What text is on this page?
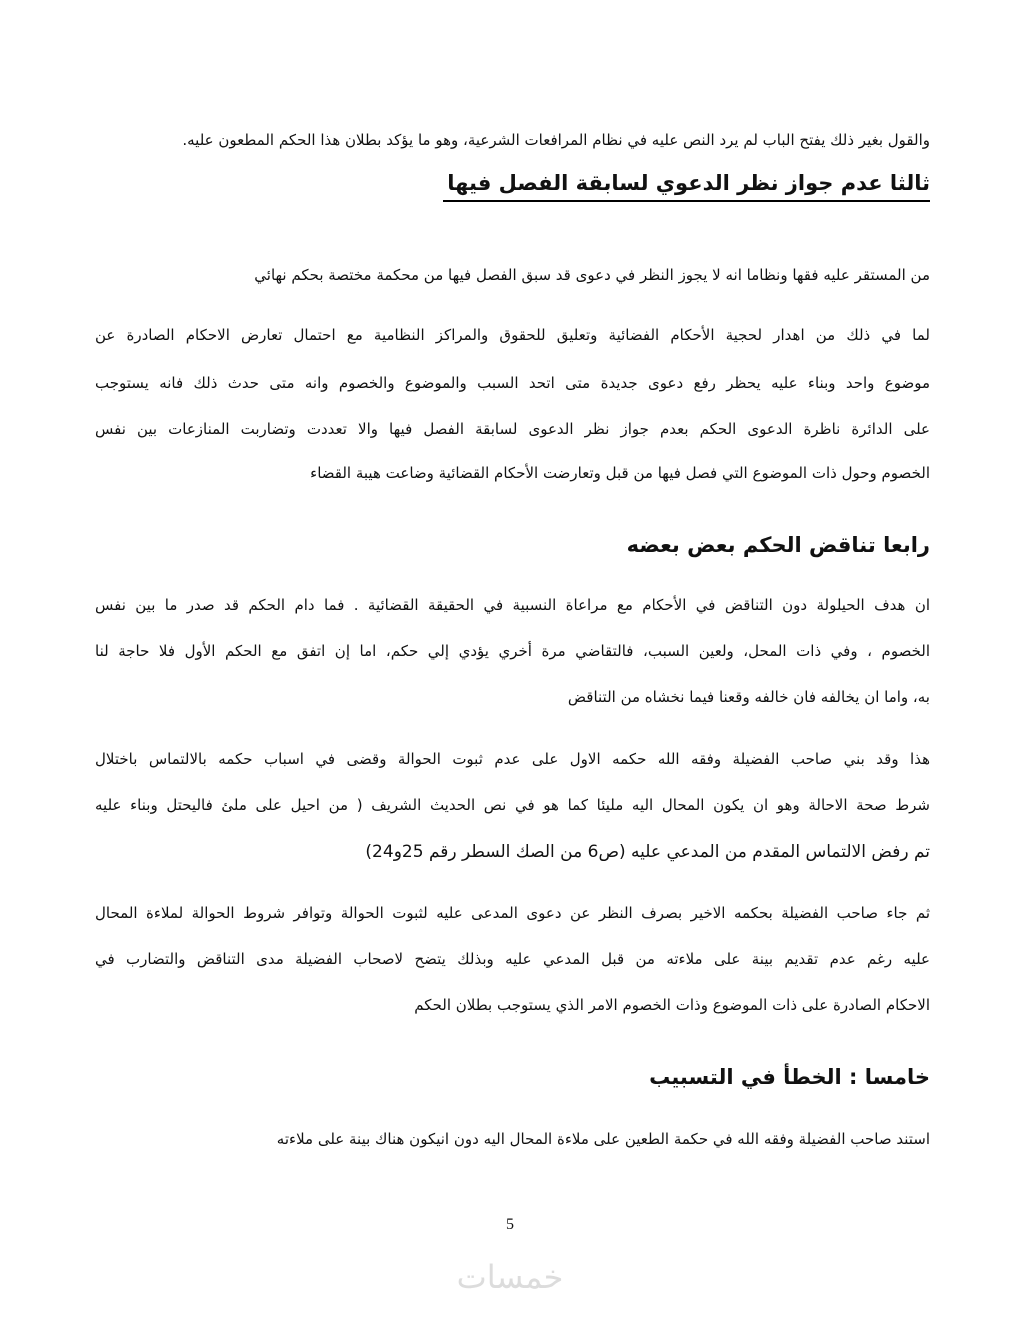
والقول بغير ذلك يفتح الباب لم يرد النص عليه في نظام المرافعات الشرعية، وهو ما يؤكد بطلان هذا الحكم المطعون عليه.
ثالثا عدم جواز نظر الدعوي لسابقة الفصل فيها
من المستقر عليه فقها ونظاما انه لا يجوز النظر في دعوى قد سبق الفصل فيها من محكمة مختصة بحكم نهائي
لما في ذلك من اهدار لحجية الأحكام الفضائية وتعليق للحقوق والمراكز النظامية مع احتمال تعارض الاحكام الصادرة عن
موضوع واحد وبناء عليه يحظر رفع دعوى جديدة متى اتحد السبب والموضوع والخصوم وانه متى حدث ذلك فانه يستوجب
على الدائرة ناظرة الدعوى الحكم بعدم جواز نظر الدعوى لسابقة الفصل فيها والا تعددت وتضاربت المنازعات بين نفس
الخصوم وحول ذات الموضوع التي فصل فيها من قبل وتعارضت الأحكام القضائية وضاعت هيبة القضاء
رابعا تناقض الحكم بعض بعضه
ان هدف الحيلولة دون التناقض في الأحكام مع مراعاة النسبية في الحقيقة القضائية . فما دام الحكم قد صدر ما بين نفس
الخصوم ، وفي ذات المحل، ولعين السبب، فالتقاضي مرة أخري يؤدي إلي حكم، اما إن اتفق مع الحكم الأول فلا حاجة لنا
به، واما ان يخالفه فان خالفه وقعنا فيما نخشاه من التناقض
هذا وقد بني صاحب الفضيلة وفقه الله حكمه الاول على عدم ثبوت الحوالة وقضى في اسباب حكمه بالالتماس باختلال
شرط صحة الاحالة وهو ان يكون المحال اليه مليئا كما هو في نص الحديث الشريف ( من احيل على ملئ فاليحتل وبناء عليه
تم رفض الالتماس المقدم من المدعي عليه (ص6 من الصك السطر رقم 25و24)
ثم جاء صاحب الفضيلة بحكمه الاخير بصرف النظر عن دعوى المدعى عليه لثبوت الحوالة وتوافر شروط الحوالة لملاءة المحال
عليه رغم عدم تقديم بينة على ملاءته من قبل المدعي عليه وبذلك يتضح لاصحاب الفضيلة مدى التناقض والتضارب في
الاحكام الصادرة على ذات الموضوع وذات الخصوم الامر الذي يستوجب بطلان الحكم
خامسا : الخطأ في التسبيب
استند صاحب الفضيلة وفقه الله في حكمة الطعين على ملاءة المحال اليه دون انيكون هناك بينة على ملاءته
5
خمسات
